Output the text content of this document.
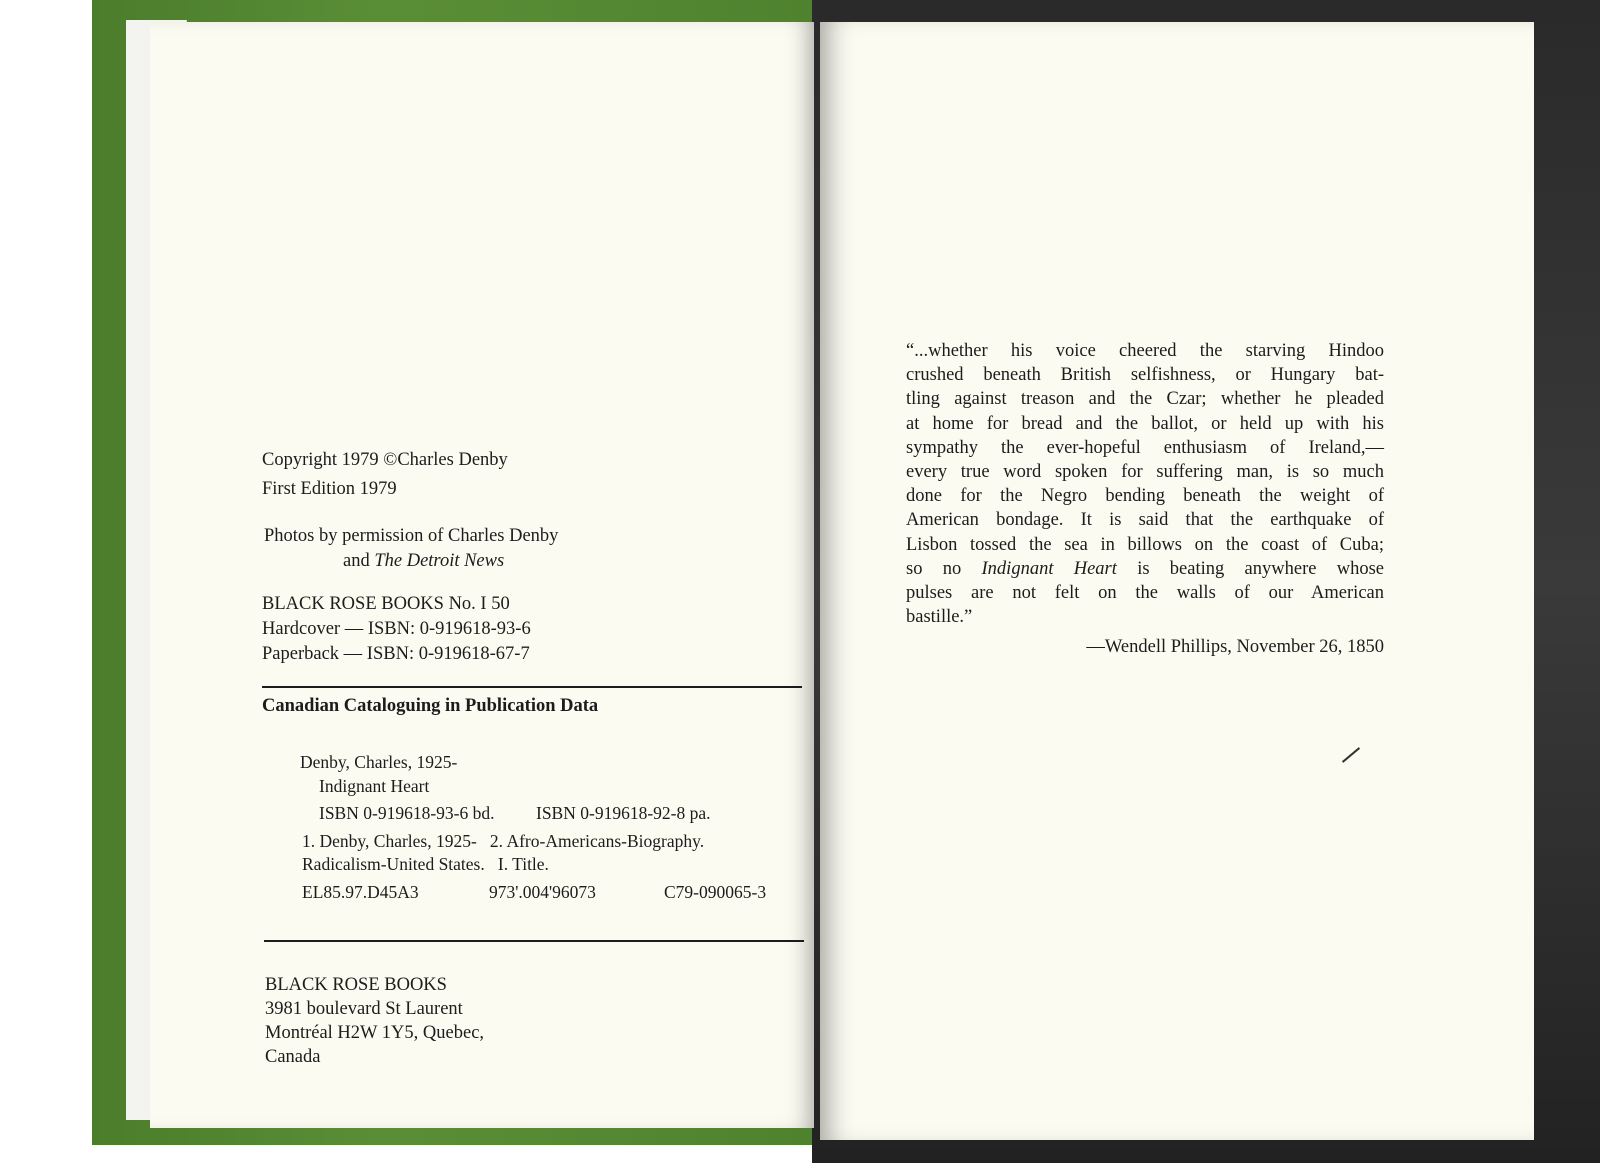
Copyright 1979 ©Charles Denby
First Edition 1979
Photos by permission of Charles Denby
and The Detroit News
BLACK ROSE BOOKS No. I 50
Hardcover — ISBN: 0-919618-93-6
Paperback — ISBN: 0-919618-67-7
Canadian Cataloguing in Publication Data
Denby, Charles, 1925-
Indignant Heart
ISBN 0-919618-93-6 bd. ISBN 0-919618-92-8 pa.
1. Denby, Charles, 1925-   2. Afro-Americans-Biography.
Radicalism-United States.   I. Title.
EL85.97.D45A3	973'.004'96073	C79-090065-3
BLACK ROSE BOOKS
3981 boulevard St Laurent
Montréal H2W 1Y5, Quebec,
Canada
“...whether his voice cheered the starving Hindoo
crushed beneath British selfishness, or Hungary bat-
tling against treason and the Czar; whether he pleaded
at home for bread and the ballot, or held up with his
sympathy the ever-hopeful enthusiasm of Ireland,—
every true word spoken for suffering man, is so much
done for the Negro bending beneath the weight of
American bondage. It is said that the earthquake of
Lisbon tossed the sea in billows on the coast of Cuba;
so no Indignant Heart is beating anywhere whose
pulses are not felt on the walls of our American
bastille.”
—Wendell Phillips, November 26, 1850
